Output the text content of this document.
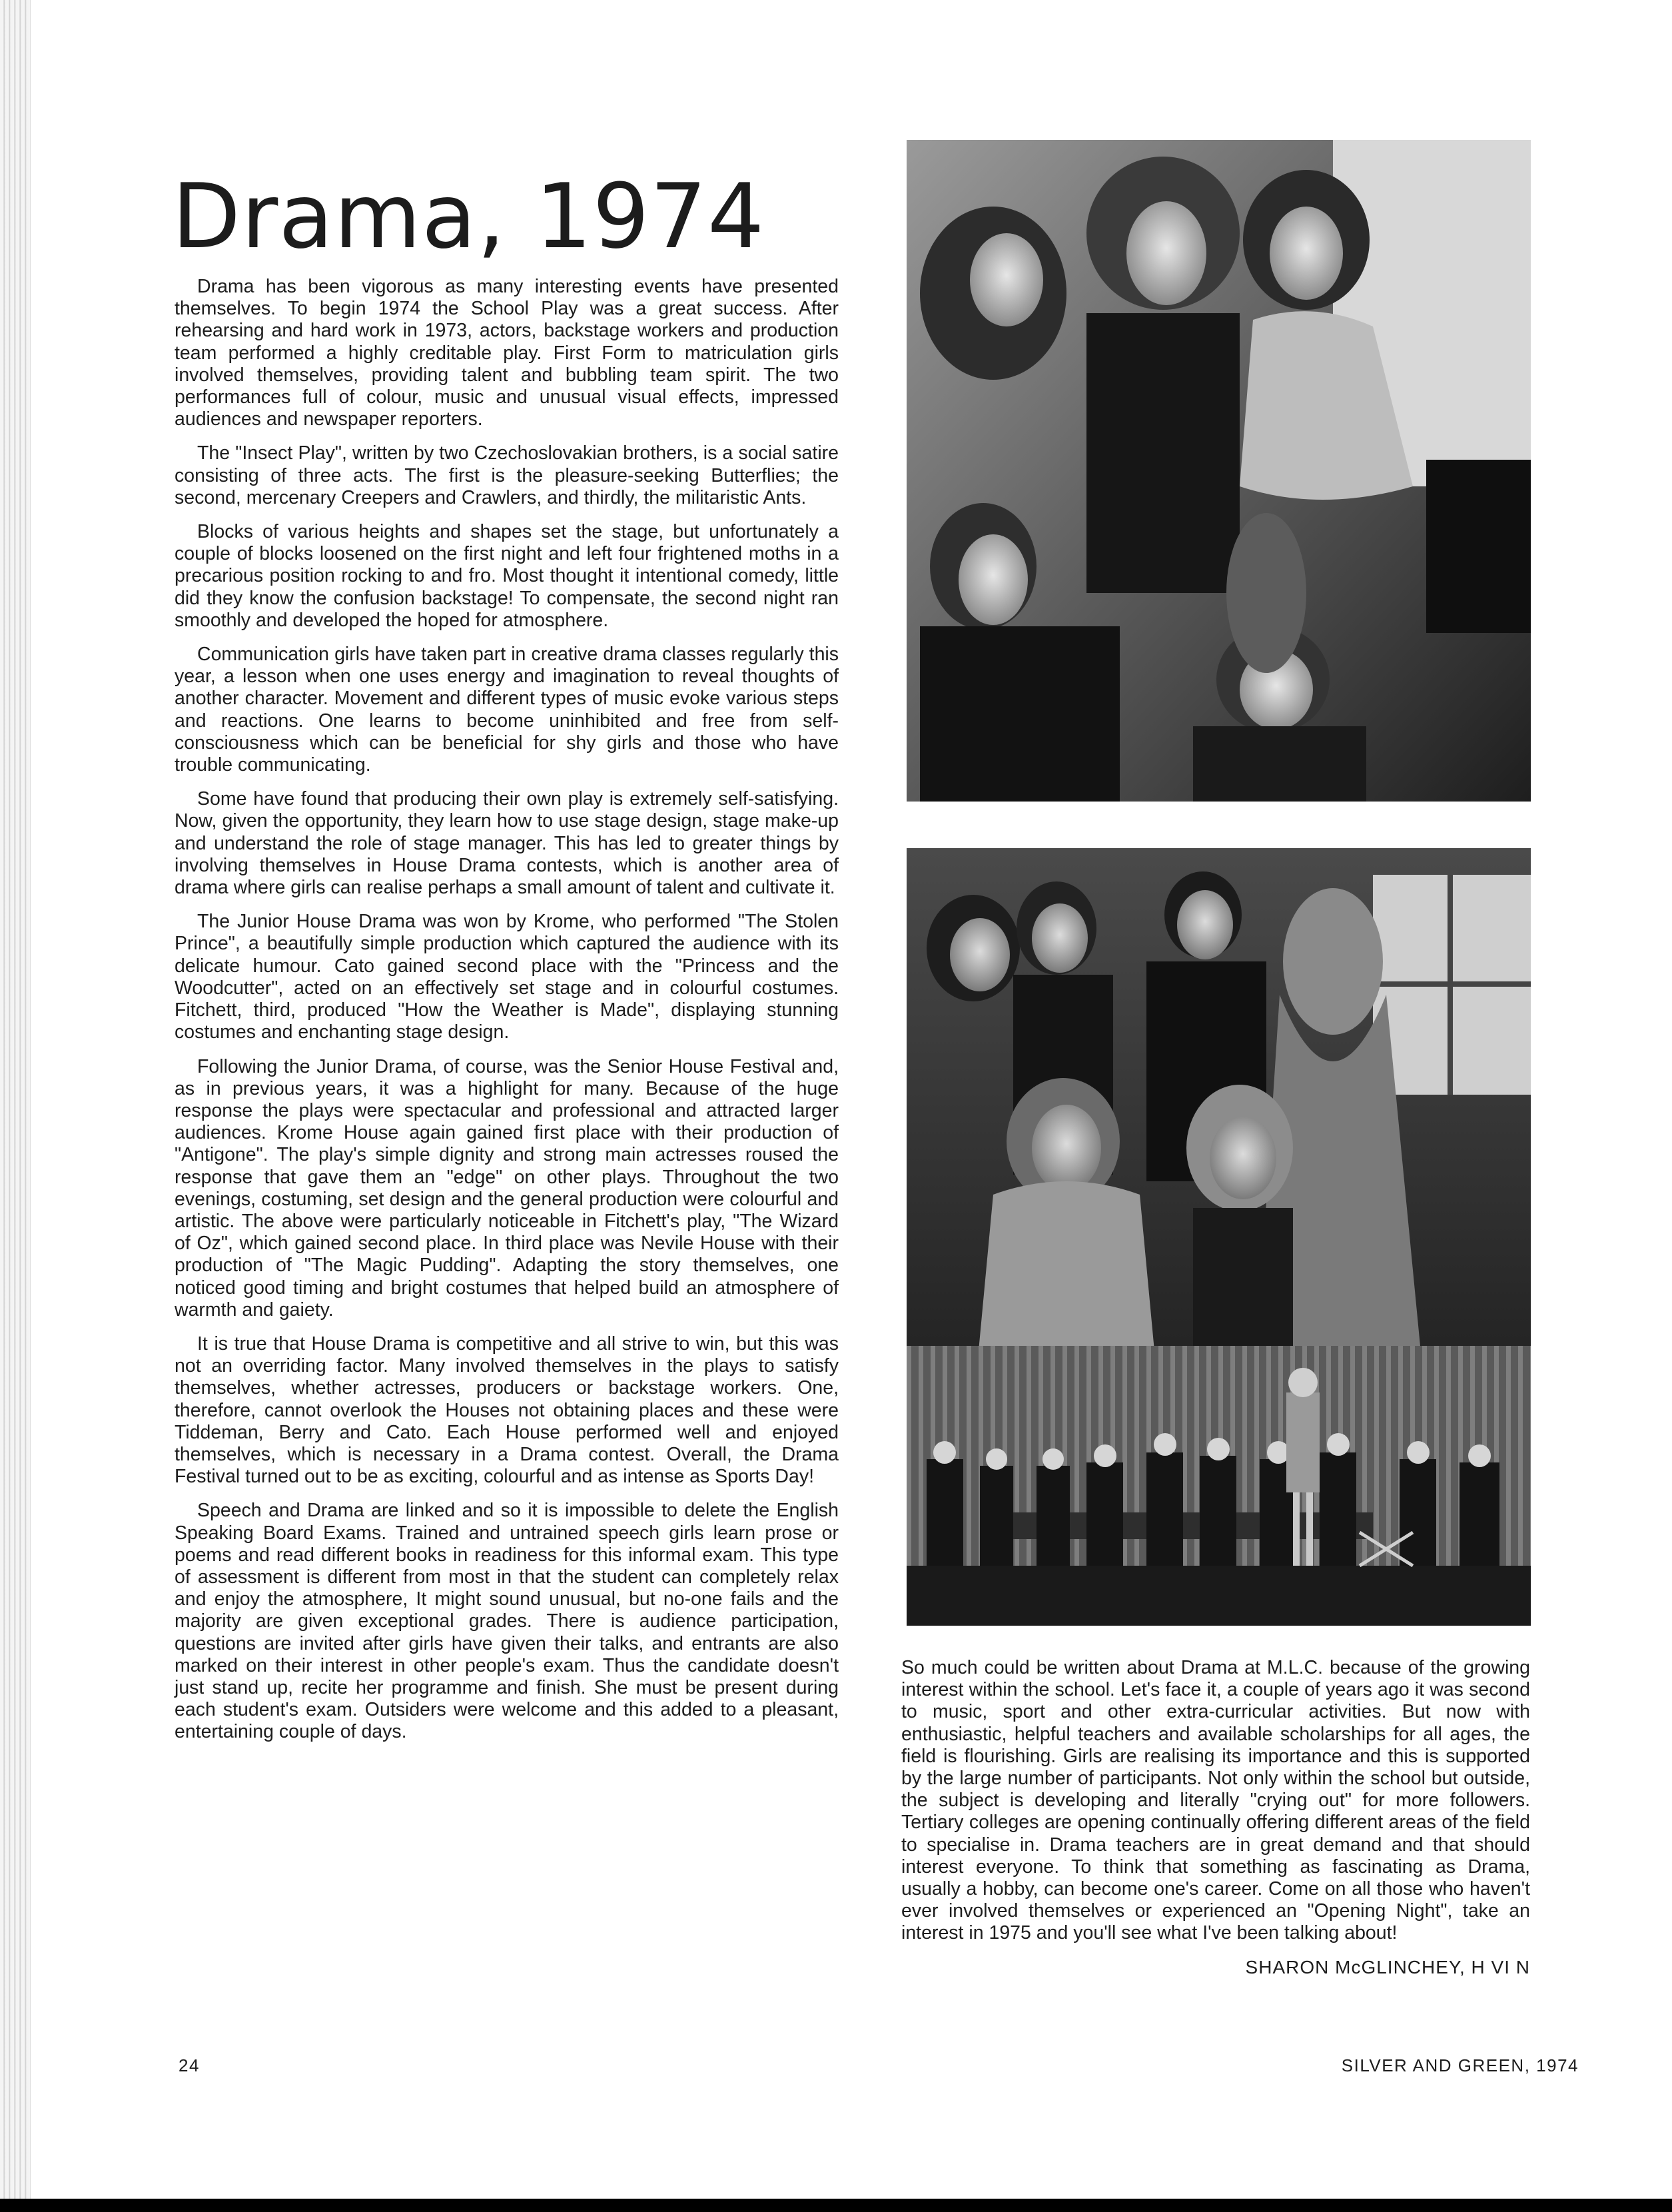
Drama, 1974

Drama has been vigorous as many interesting events have presented themselves. To begin 1974 the School Play was a great success. After rehearsing and hard work in 1973, actors, backstage workers and production team performed a highly creditable play. First Form to matriculation girls involved themselves, providing talent and bubbling team spirit. The two performances full of colour, music and unusual visual effects, impressed audiences and newspaper reporters.

The "Insect Play", written by two Czechoslovakian brothers, is a social satire consisting of three acts. The first is the pleasure-seeking Butterflies; the second, mercenary Creepers and Crawlers, and thirdly, the militaristic Ants.

Blocks of various heights and shapes set the stage, but unfortunately a couple of blocks loosened on the first night and left four frightened moths in a precarious position rocking to and fro. Most thought it intentional comedy, little did they know the confusion backstage! To compensate, the second night ran smoothly and developed the hoped for atmosphere.

Communication girls have taken part in creative drama classes regularly this year, a lesson when one uses energy and imagination to reveal thoughts of another character. Movement and different types of music evoke various steps and reactions. One learns to become uninhibited and free from self-consciousness which can be beneficial for shy girls and those who have trouble communicating.

Some have found that producing their own play is extremely self-satisfying. Now, given the opportunity, they learn how to use stage design, stage make-up and understand the role of stage manager. This has led to greater things by involving themselves in House Drama contests, which is another area of drama where girls can realise perhaps a small amount of talent and cultivate it.

The Junior House Drama was won by Krome, who performed "The Stolen Prince", a beautifully simple production which captured the audience with its delicate humour. Cato gained second place with the "Princess and the Woodcutter", acted on an effectively set stage and in colourful costumes. Fitchett, third, produced "How the Weather is Made", displaying stunning costumes and enchanting stage design.

Following the Junior Drama, of course, was the Senior House Festival and, as in previous years, it was a highlight for many. Because of the huge response the plays were spectacular and professional and attracted larger audiences. Krome House again gained first place with their production of "Antigone". The play's simple dignity and strong main actresses roused the response that gave them an "edge" on other plays. Throughout the two evenings, costuming, set design and the general production were colourful and artistic. The above were particularly noticeable in Fitchett's play, "The Wizard of Oz", which gained second place. In third place was Nevile House with their production of "The Magic Pudding". Adapting the story themselves, one noticed good timing and bright costumes that helped build an atmosphere of warmth and gaiety.

It is true that House Drama is competitive and all strive to win, but this was not an overriding factor. Many involved themselves in the plays to satisfy themselves, whether actresses, producers or backstage workers. One, therefore, cannot overlook the Houses not obtaining places and these were Tiddeman, Berry and Cato. Each House performed well and enjoyed themselves, which is necessary in a Drama contest. Overall, the Drama Festival turned out to be as exciting, colourful and as intense as Sports Day!

Speech and Drama are linked and so it is impossible to delete the English Speaking Board Exams. Trained and untrained speech girls learn prose or poems and read different books in readiness for this informal exam. This type of assessment is different from most in that the student can completely relax and enjoy the atmosphere, It might sound unusual, but no-one fails and the majority are given exceptional grades. There is audience participation, questions are invited after girls have given their talks, and entrants are also marked on their interest in other people's exam. Thus the candidate doesn't just stand up, recite her programme and finish. She must be present during each student's exam. Outsiders were welcome and this added to a pleasant, entertaining couple of days.

So much could be written about Drama at M.L.C. because of the growing interest within the school. Let's face it, a couple of years ago it was second to music, sport and other extra-curricular activities. But now with enthusiastic, helpful teachers and available scholarships for all ages, the field is flourishing. Girls are realising its importance and this is supported by the large number of participants. Not only within the school but outside, the subject is developing and literally "crying out" for more followers. Tertiary colleges are opening continually offering different areas of the field to specialise in. Drama teachers are in great demand and that should interest everyone. To think that something as fascinating as Drama, usually a hobby, can become one's career. Come on all those who haven't ever involved themselves or experienced an "Opening Night", take an interest in 1975 and you'll see what I've been talking about!

SHARON McGLINCHEY, H VI N
24	SILVER AND GREEN, 1974
